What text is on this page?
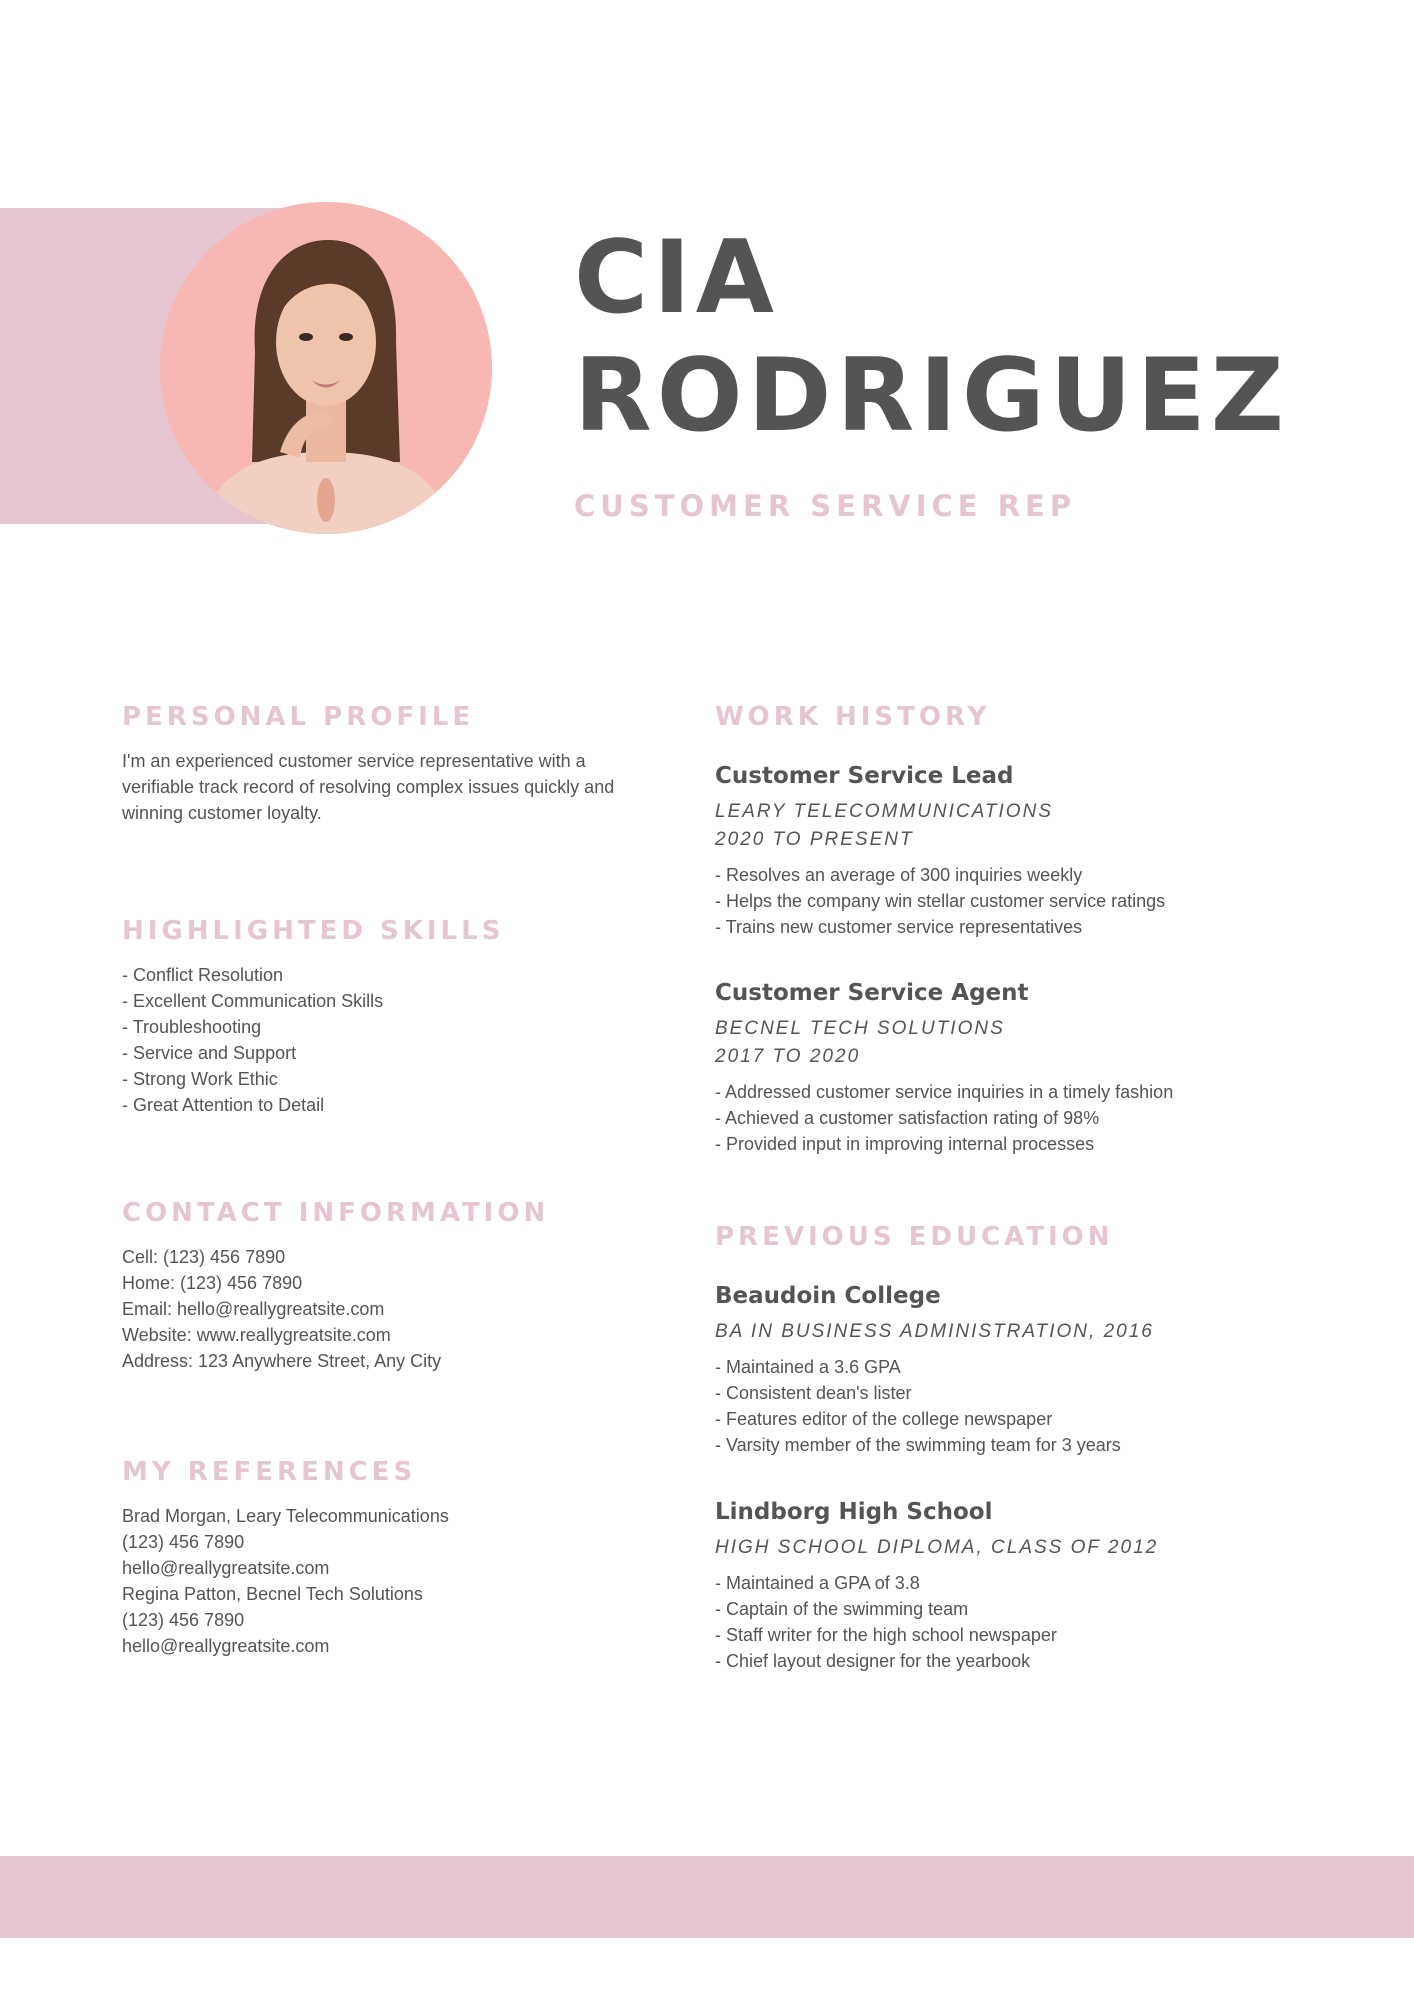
CIA
RODRIGUEZ
CUSTOMER SERVICE REP
PERSONAL PROFILE
I'm an experienced customer service representative with a verifiable track record of resolving complex issues quickly and winning customer loyalty.
HIGHLIGHTED SKILLS
- Conflict Resolution
- Excellent Communication Skills
- Troubleshooting
- Service and Support
- Strong Work Ethic
- Great Attention to Detail
CONTACT INFORMATION
Cell: (123) 456 7890
Home: (123) 456 7890
Email: hello@reallygreatsite.com
Website: www.reallygreatsite.com
Address: 123 Anywhere Street, Any City
MY REFERENCES
Brad Morgan, Leary Telecommunications
(123) 456 7890
hello@reallygreatsite.com
Regina Patton, Becnel Tech Solutions
(123) 456 7890
hello@reallygreatsite.com
WORK HISTORY
Customer Service Lead
LEARY TELECOMMUNICATIONS
2020 TO PRESENT
- Resolves an average of 300 inquiries weekly
- Helps the company win stellar customer service ratings
- Trains new customer service representatives
Customer Service Agent
BECNEL TECH SOLUTIONS
2017 TO 2020
- Addressed customer service inquiries in a timely fashion
- Achieved a customer satisfaction rating of 98%
- Provided input in improving internal processes
PREVIOUS EDUCATION
Beaudoin College
BA IN BUSINESS ADMINISTRATION, 2016
- Maintained a 3.6 GPA
- Consistent dean's lister
- Features editor of the college newspaper
- Varsity member of the swimming team for 3 years
Lindborg High School
HIGH SCHOOL DIPLOMA, CLASS OF 2012
- Maintained a GPA of 3.8
- Captain of the swimming team
- Staff writer for the high school newspaper
- Chief layout designer for the yearbook
